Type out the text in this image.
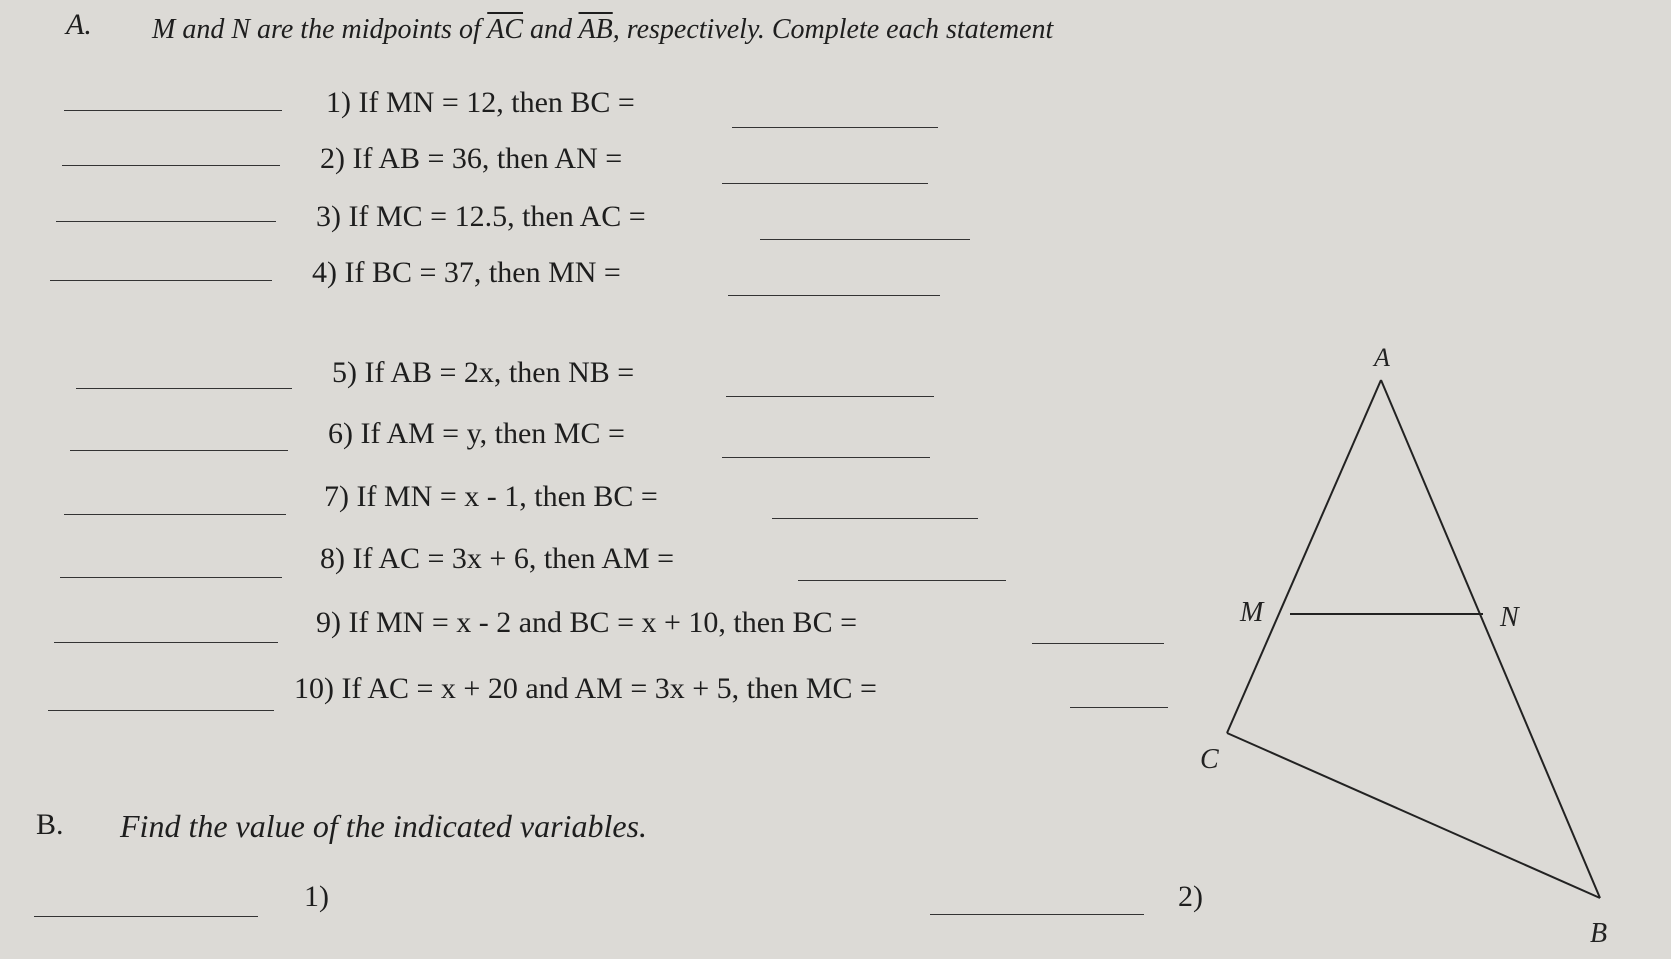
A. M and N are the midpoints of $\overline{AC}$ and $\overline{AB}$, respectively. Complete each statement
1) If MN = 12, then BC =
2) If AB = 36, then AN =
3) If MC = 12.5, then AC =
4) If BC = 37, then MN =
5) If AB = 2x, then NB =
6) If AM = y, then MC =
7) If MN = x - 1, then BC =
8) If AC = 3x + 6, then AM =
9) If MN = x - 2 and BC = x + 10, then BC =
10) If AC = x + 20 and AM = 3x + 5, then MC =
B. Find the value of the indicated variables.
1)	2)
A
M	N
C
B
